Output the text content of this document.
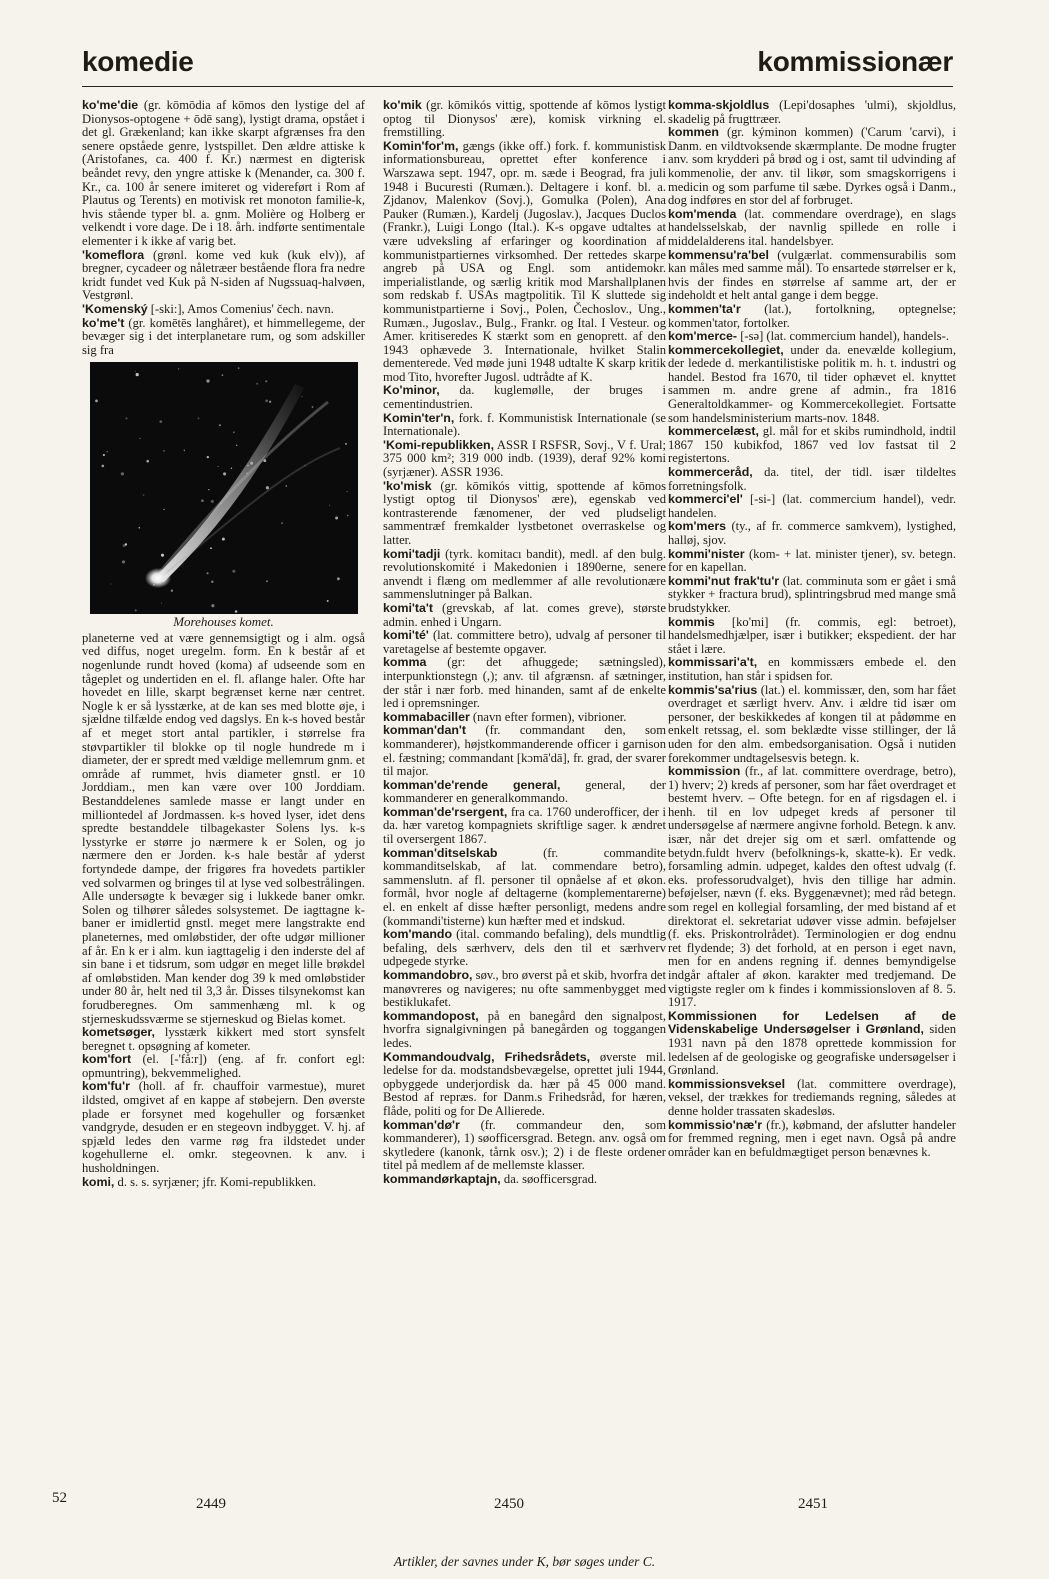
komedie	kommissionær

ko'me'die (gr. kōmōdia af kōmos den lystige del af Dionysos-optogene + ōdē sang), lystigt drama, opstået i det gl. Grækenland; kan ikke skarpt afgrænses fra den senere opståede genre, lystspillet. Den ældre attiske k (Aristofanes, ca. 400 f. Kr.) nærmest en digterisk beåndet revy, den yngre attiske k (Menander, ca. 300 f. Kr., ca. 100 år senere imiteret og videreført i Rom af Plautus og Terents) en motivisk ret monoton familie-k, hvis stående typer bl. a. gnm. Molière og Holberg er velkendt i vore dage. De i 18. årh. indførte sentimentale elementer i k ikke af varig bet.

'komeflora (grønl. kome ved kuk (kuk elv)), af bregner, cycadeer og nåletræer bestående flora fra nedre kridt fundet ved Kuk på N-siden af Nugssuaq-halvøen, Vestgrønl.

'Komenský [-ski:], Amos Comenius' čech. navn.

ko'me't (gr. komētēs langhåret), et himmellegeme, der bevæger sig i det interplanetare rum, og som adskiller sig fra

Morehouses komet.

planeterne ved at være gennemsigtigt og i alm. også ved diffus, noget uregelm. form. En k består af et nogenlunde rundt hoved (koma) af udseende som en tågeplet og undertiden en el. fl. aflange haler. Ofte har hovedet en lille, skarpt begrænset kerne nær centret. Nogle k er så lysstærke, at de kan ses med blotte øje, i sjældne tilfælde endog ved dagslys. En k-s hoved består af et meget stort antal partikler, i størrelse fra støvpartikler til blokke op til nogle hundrede m i diameter, der er spredt med vældige mellemrum gnm. et område af rummet, hvis diameter gnstl. er 10 Jorddiam., men kan være over 100 Jorddiam. Bestanddelenes samlede masse er langt under en milliontedel af Jordmassen. k-s hoved lyser, idet dens spredte bestanddele tilbagekaster Solens lys. k-s lysstyrke er større jo nærmere k er Solen, og jo nærmere den er Jorden. k-s hale består af yderst fortyndede dampe, der frigøres fra hovedets partikler ved solvarmen og bringes til at lyse ved solbestrålingen. Alle undersøgte k bevæger sig i lukkede baner omkr. Solen og tilhører således solsystemet. De iagttagne k-baner er imidlertid gnstl. meget mere langstrakte end planeternes, med omløbstider, der ofte udgør millioner af år. En k er i alm. kun iagttagelig i den inderste del af sin bane i et tidsrum, som udgør en meget lille brøkdel af omløbstiden. Man kender dog 39 k med omløbstider under 80 år, helt ned til 3,3 år. Disses tilsynekomst kan forudberegnes. Om sammenhæng ml. k og stjerneskudssværme se stjerneskud og Bielas komet.

kometsøger, lysstærk kikkert med stort synsfelt beregnet t. opsøgning af kometer.

kom'fort (el. [-'få:r]) (eng. af fr. confort egl: opmuntring), bekvemmelighed.

kom'fu'r (holl. af fr. chauffoir varmestue), muret ildsted, omgivet af en kappe af støbejern. Den øverste plade er forsynet med kogehuller og forsænket vandgryde, desuden er en stegeovn indbygget. V. hj. af spjæld ledes den varme røg fra ildstedet under kogehullerne el. omkr. stegeovnen. k anv. i husholdningen.

komi, d. s. s. syrjæner; jfr. Komi-republikken.

ko'mik (gr. kōmikós vittig, spottende af kōmos lystigt optog til Dionysos' ære), komisk virkning el. fremstilling.

Komin'for'm, gængs (ikke off.) fork. f. kommunistisk informationsbureau, oprettet efter konference i Warszawa sept. 1947, opr. m. sæde i Beograd, fra juli 1948 i Bucuresti (Rumæn.). Deltagere i konf. bl. a. Zjdanov, Malenkov (Sovj.), Gomulka (Polen), Ana Pauker (Rumæn.), Kardelj (Jugoslav.), Jacques Duclos (Frankr.), Luigi Longo (Ital.). K-s opgave udtaltes at være udveksling af erfaringer og koordination af kommunistpartiernes virksomhed. Der rettedes skarpe angreb på USA og Engl. som antidemokr. imperialistlande, og særlig kritik mod Marshallplanen som redskab f. USAs magtpolitik. Til K sluttede sig kommunistpartierne i Sovj., Polen, Čechoslov., Ung., Rumæn., Jugoslav., Bulg., Frankr. og Ital. I Vesteur. og Amer. kritiseredes K stærkt som en genoprett. af den 1943 ophævede 3. Internationale, hvilket Stalin dementerede. Ved møde juni 1948 udtalte K skarp kritik mod Tito, hvorefter Jugosl. udtrådte af K.

Ko'minor, da. kuglemølle, der bruges i cementindustrien.

Komin'ter'n, fork. f. Kommunistisk Internationale (se Internationale).

'Komi-republikken, ASSR I RSFSR, Sovj., V f. Ural; 375 000 km²; 319 000 indb. (1939), deraf 92% komi (syrjæner). ASSR 1936.

'ko'misk (gr. kōmikós vittig, spottende af kōmos lystigt optog til Dionysos' ære), egenskab ved kontrasterende fænomener, der ved pludseligt sammentræf fremkalder lystbetonet overraskelse og latter.

komi'tadji (tyrk. komitacı bandit), medl. af den bulg. revolutionskomité i Makedonien i 1890erne, senere anvendt i flæng om medlemmer af alle revolutionære sammenslutninger på Balkan.

komi'ta't (grevskab, af lat. comes greve), største admin. enhed i Ungarn.

komi'té' (lat. committere betro), udvalg af personer til varetagelse af bestemte opgaver.

komma (gr: det afhuggede; sætningsled), interpunktionstegn (,); anv. til afgrænsn. af sætninger, der står i nær forb. med hinanden, samt af de enkelte led i opremsninger.

kommabaciller (navn efter formen), vibrioner.

komman'dan't (fr. commandant den, som kommanderer), højstkommanderende officer i garnison el. fæstning; commandant [kɔmā'dā], fr. grad, der svarer til major.

komman'de'rende general, general, der kommanderer en generalkommando.

komman'de'rsergent, fra ca. 1760 underofficer, der i da. hær varetog kompagniets skriftlige sager. k ændret til oversergent 1867.

komman'ditselskab (fr. commandite kommanditselskab, af lat. commendare betro), sammenslutn. af fl. personer til opnåelse af et økon. formål, hvor nogle af deltagerne (komplementarerne) el. en enkelt af disse hæfter personligt, medens andre (kommandi'tisterne) kun hæfter med et indskud.

kom'mando (ital. commando befaling), dels mundtlig befaling, dels særhverv, dels den til et særhverv udpegede styrke.

kommandobro, søv., bro øverst på et skib, hvorfra det manøvreres og navigeres; nu ofte sammenbygget med bestiklukafet.

kommandopost, på en banegård den signalpost, hvorfra signalgivningen på banegården og toggangen ledes.

Kommandoudvalg, Frihedsrådets, øverste mil. ledelse for da. modstandsbevægelse, oprettet juli 1944, opbyggede underjordisk da. hær på 45 000 mand. Bestod af repræs. for Danm.s Frihedsråd, for hæren, flåde, politi og for De Allierede.

komman'dø'r (fr. commandeur den, som kommanderer), 1) søofficersgrad. Betegn. anv. også om skytledere (kanonk, tårnk osv.); 2) i de fleste ordener titel på medlem af de mellemste klasser.

kommandørkaptajn, da. søofficersgrad.

komma-skjoldlus (Lepi'dosaphes 'ulmi), skjoldlus, skadelig på frugttræer.

kommen (gr. kýminon kommen) ('Carum 'carvi), i Danm. en vildtvoksende skærmplante. De modne frugter anv. som krydderi på brød og i ost, samt til udvinding af kommenolie, der anv. til likør, som smagskorrigens i medicin og som parfume til sæbe. Dyrkes også i Danm., dog indføres en stor del af forbruget.

kom'menda (lat. commendare overdrage), en slags handelsselskab, der navnlig spillede en rolle i middelalderens ital. handelsbyer.

kommensu'ra'bel (vulgærlat. commensurabilis som kan måles med samme mål). To ensartede størrelser er k, hvis der findes en størrelse af samme art, der er indeholdt et helt antal gange i dem begge.

kommen'ta'r (lat.), fortolkning, optegnelse; kommen'tator, fortolker.

kom'merce- [-sə] (lat. commercium handel), handels-.

kommercekollegiet, under da. enevælde kollegium, der ledede d. merkantilistiske politik m. h. t. industri og handel. Bestod fra 1670, til tider ophævet el. knyttet sammen m. andre grene af admin., fra 1816 Generaltoldkammer- og Kommercekollegiet. Fortsatte som handelsministerium marts-nov. 1848.

kommercelæst, gl. mål for et skibs rumindhold, indtil 1867 150 kubikfod, 1867 ved lov fastsat til 2 registertons.

kommerceråd, da. titel, der tidl. især tildeltes forretningsfolk.

kommerci'el' [-si-] (lat. commercium handel), vedr. handelen.

kom'mers (ty., af fr. commerce samkvem), lystighed, halløj, sjov.

kommi'nister (kom- + lat. minister tjener), sv. betegn. for en kapellan.

kommi'nut frak'tu'r (lat. comminuta som er gået i små stykker + fractura brud), splintringsbrud med mange små brudstykker.

kommis [ko'mi] (fr. commis, egl: betroet), handelsmedhjælper, især i butikker; ekspedient. der har stået i lære.

kommissari'a't, en kommissærs embede el. den institution, han står i spidsen for.

kommis'sa'rius (lat.) el. kommissær, den, som har fået overdraget et særligt hverv. Anv. i ældre tid især om personer, der beskikkedes af kongen til at pådømme en enkelt retssag, el. som beklædte visse stillinger, der lå uden for den alm. embedsorganisation. Også i nutiden forekommer undtagelsesvis betegn. k.

kommission (fr., af lat. committere overdrage, betro), 1) hverv; 2) kreds af personer, som har fået overdraget et bestemt hverv. – Ofte betegn. for en af rigsdagen el. i henh. til en lov udpeget kreds af personer til undersøgelse af nærmere angivne forhold. Betegn. k anv. især, når det drejer sig om et særl. omfattende og betydn.fuldt hverv (befolknings-k, skatte-k). Er vedk. forsamling admin. udpeget, kaldes den oftest udvalg (f. eks. professorudvalget), hvis den tillige har admin. beføjelser, nævn (f. eks. Byggenævnet); med råd betegn. som regel en kollegial forsamling, der med bistand af et direktorat el. sekretariat udøver visse admin. beføjelser (f. eks. Priskontrolrådet). Terminologien er dog endnu ret flydende; 3) det forhold, at en person i eget navn, men for en andens regning if. dennes bemyndigelse indgår aftaler af økon. karakter med tredjemand. De vigtigste regler om k findes i kommissionsloven af 8. 5. 1917.

Kommissionen for Ledelsen af de Videnskabelige Undersøgelser i Grønland, siden 1931 navn på den 1878 oprettede kommission for ledelsen af de geologiske og geografiske undersøgelser i Grønland.

kommissionsveksel (lat. committere overdrage), veksel, der trækkes for trediemands regning, således at denne holder trassaten skadesløs.

kommissio'næ'r (fr.), købmand, der afslutter handeler for fremmed regning, men i eget navn. Også på andre områder kan en befuldmægtiget person benævnes k.

52	2449	2450	2451
Artikler, der savnes under K, bør søges under C.
